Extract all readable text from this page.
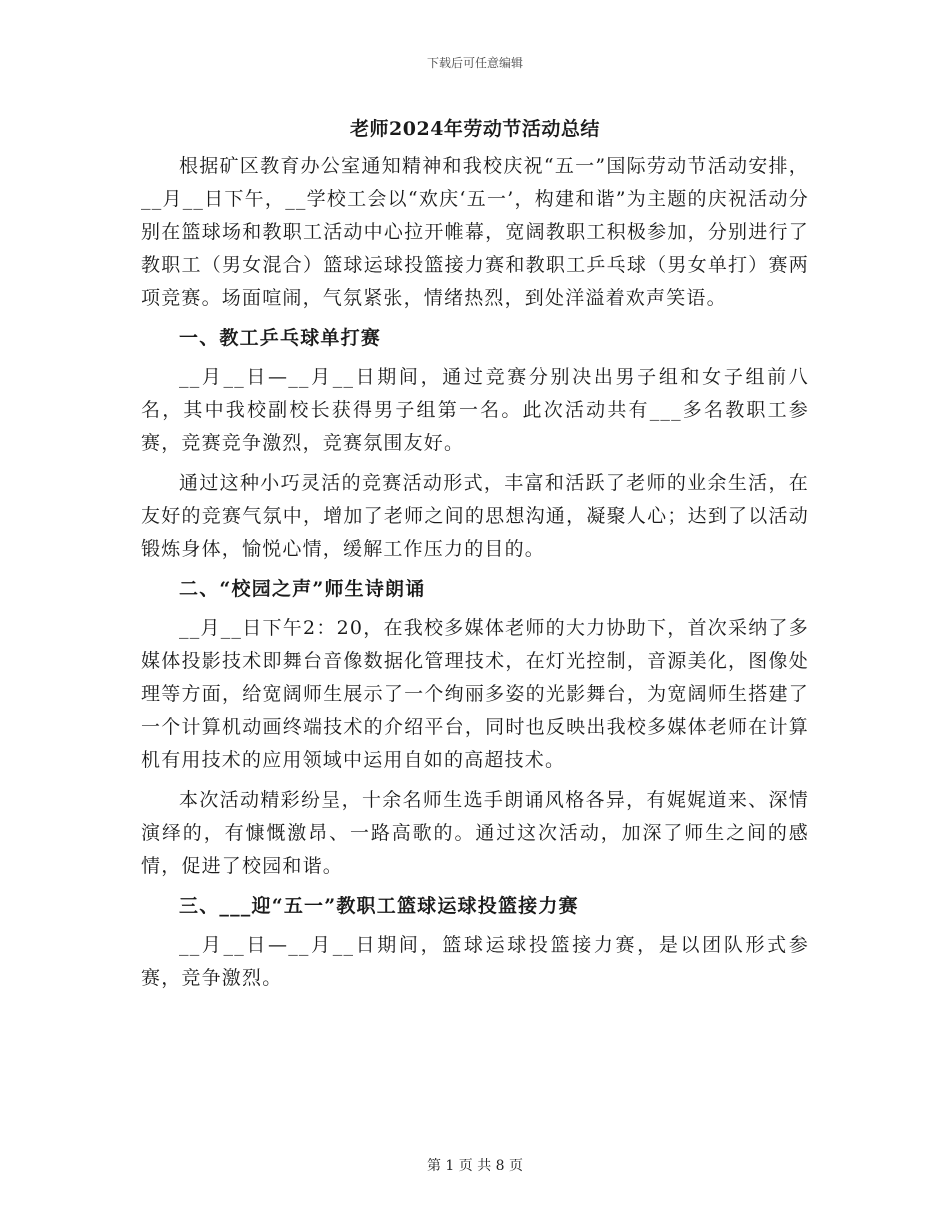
下载后可任意编辑
老师2024年劳动节活动总结

根据矿区教育办公室通知精神和我校庆祝“五一”国际劳动节活动安排，__月__日下午，__学校工会以“欢庆‘五一’，构建和谐”为主题的庆祝活动分别在篮球场和教职工活动中心拉开帷幕，宽阔教职工积极参加，分别进行了教职工（男女混合）篮球运球投篮接力赛和教职工乒乓球（男女单打）赛两项竞赛。场面喧闹，气氛紧张，情绪热烈，到处洋溢着欢声笑语。

一、教工乒乓球单打赛

__月__日—__月__日期间，通过竞赛分别决出男子组和女子组前八名，其中我校副校长获得男子组第一名。此次活动共有___多名教职工参赛，竞赛竞争激烈，竞赛氛围友好。

通过这种小巧灵活的竞赛活动形式，丰富和活跃了老师的业余生活，在友好的竞赛气氛中，增加了老师之间的思想沟通，凝聚人心；达到了以活动锻炼身体，愉悦心情，缓解工作压力的目的。

二、“校园之声”师生诗朗诵

__月__日下午2：20，在我校多媒体老师的大力协助下，首次采纳了多媒体投影技术即舞台音像数据化管理技术，在灯光控制，音源美化，图像处理等方面，给宽阔师生展示了一个绚丽多姿的光影舞台，为宽阔师生搭建了一个计算机动画终端技术的介绍平台，同时也反映出我校多媒体老师在计算机有用技术的应用领域中运用自如的高超技术。

本次活动精彩纷呈，十余名师生选手朗诵风格各异，有娓娓道来、深情演绎的，有慷慨激昂、一路高歌的。通过这次活动，加深了师生之间的感情，促进了校园和谐。

三、___迎“五一”教职工篮球运球投篮接力赛

__月__日—__月__日期间，篮球运球投篮接力赛，是以团队形式参赛，竞争激烈。

第 1 页 共 8 页
